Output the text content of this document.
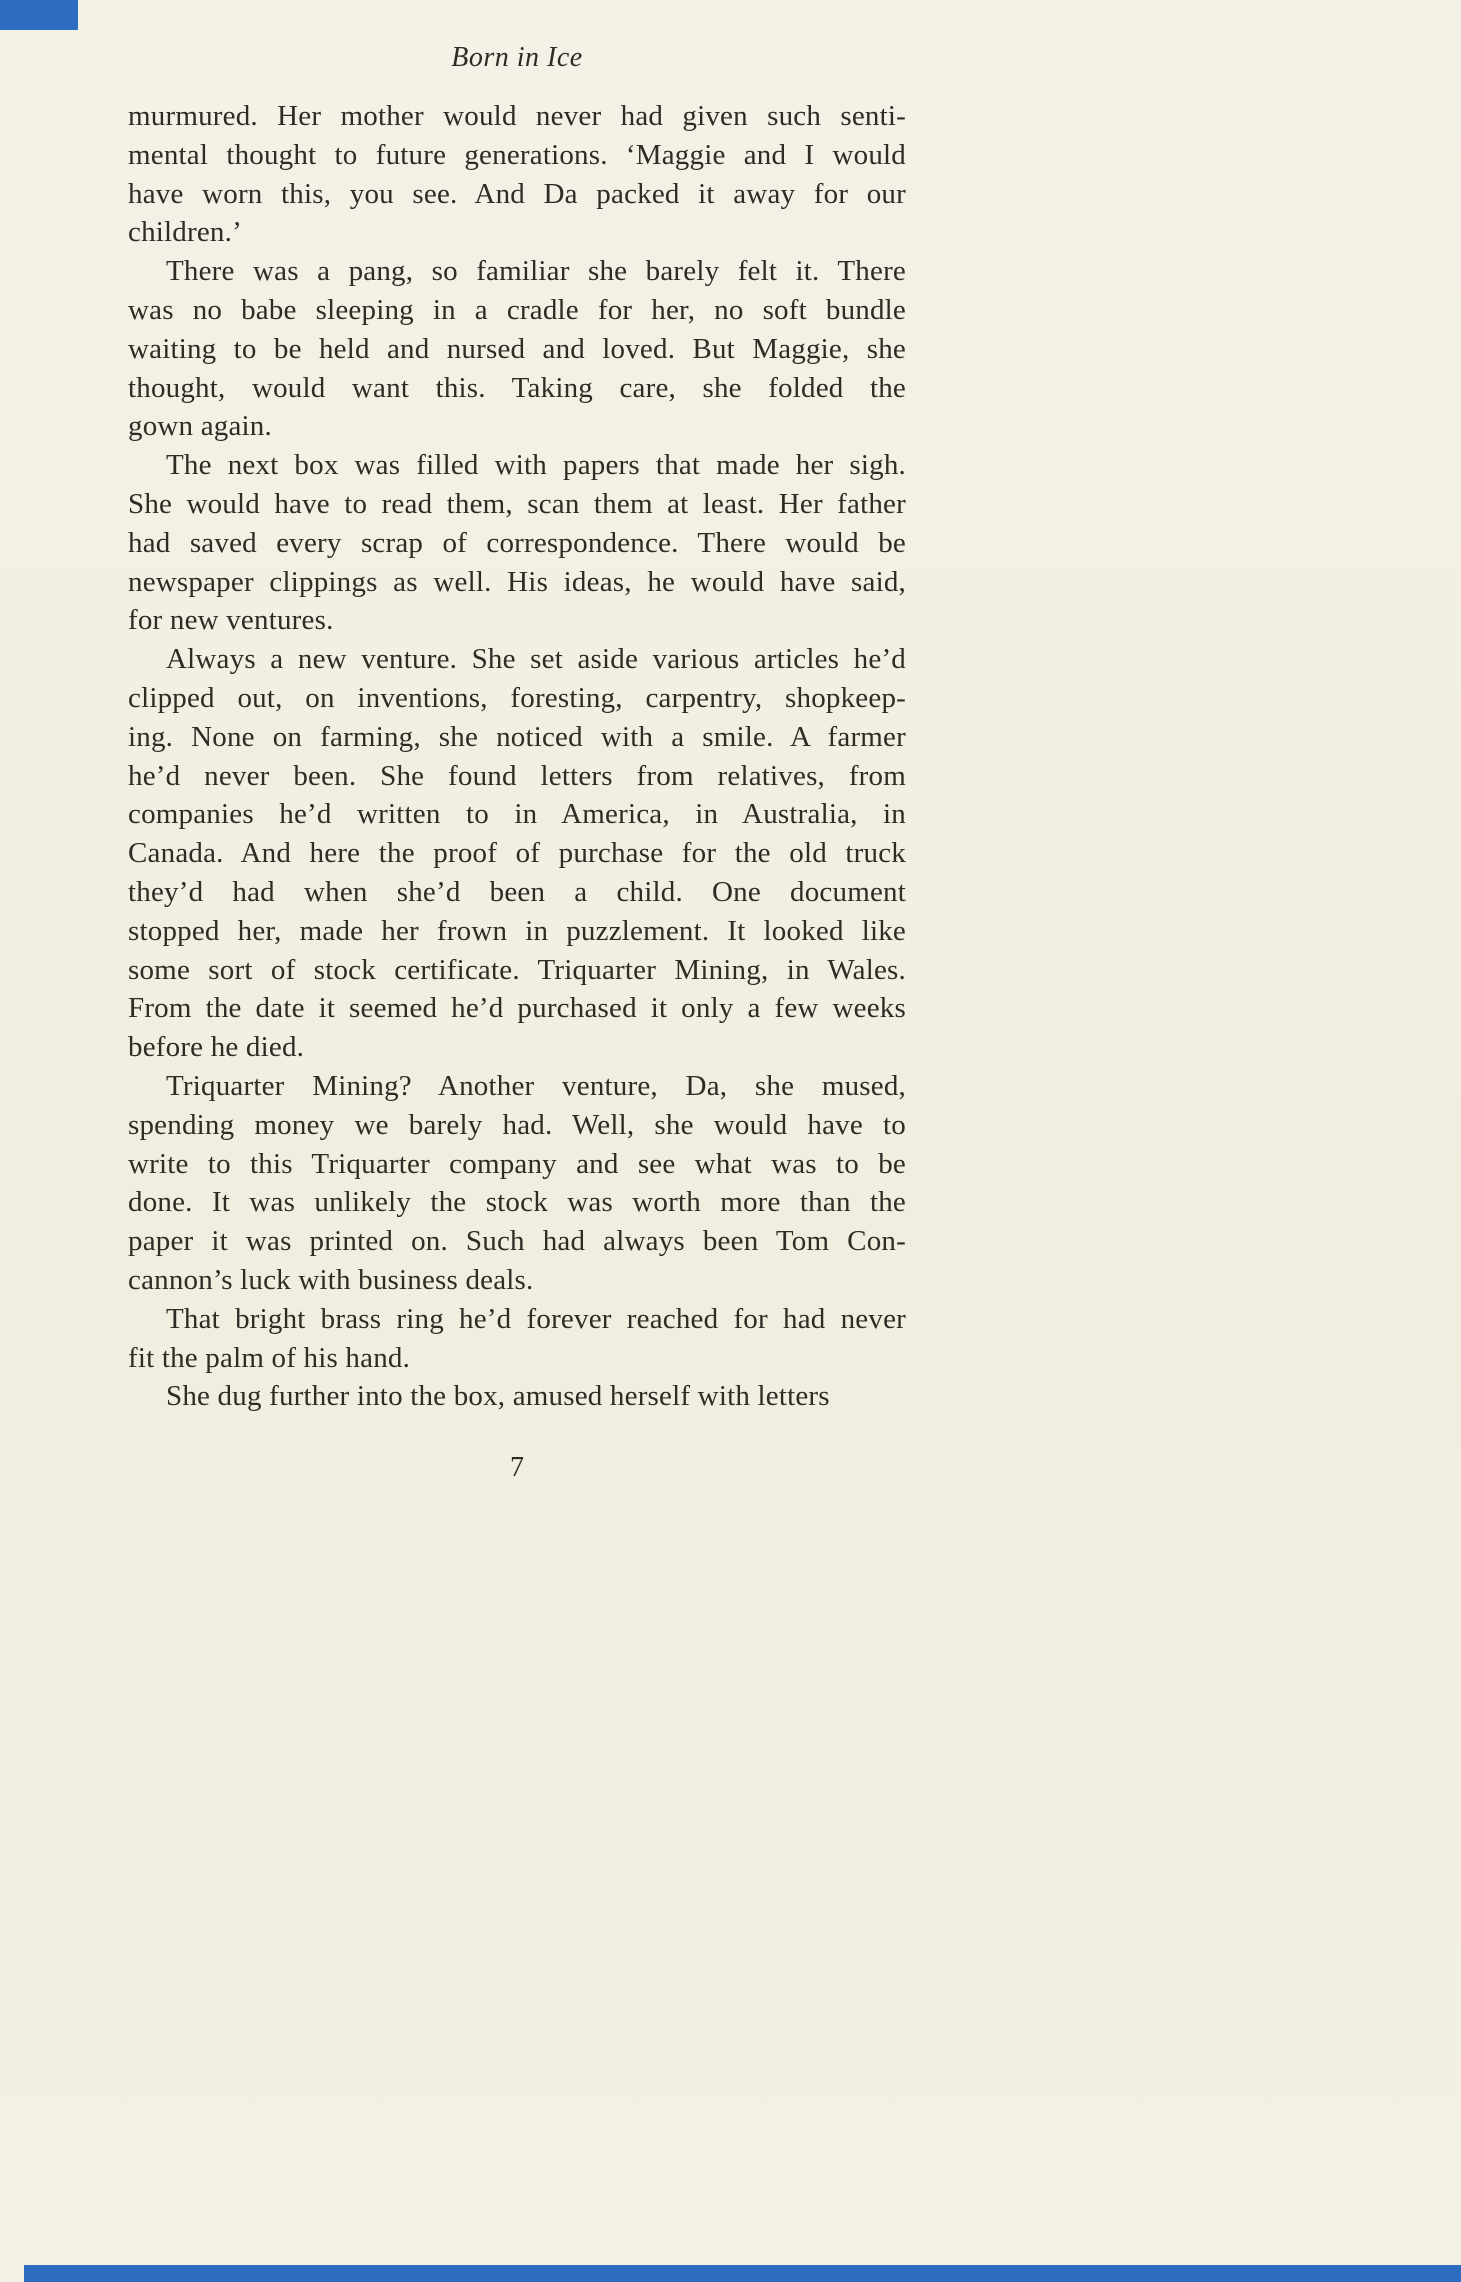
Born in Ice
murmured. Her mother would never had given such senti-
mental thought to future generations. ‘Maggie and I would
have worn this, you see. And Da packed it away for our
children.’
There was a pang, so familiar she barely felt it. There
was no babe sleeping in a cradle for her, no soft bundle
waiting to be held and nursed and loved. But Maggie, she
thought, would want this. Taking care, she folded the
gown again.
The next box was filled with papers that made her sigh.
She would have to read them, scan them at least. Her father
had saved every scrap of correspondence. There would be
newspaper clippings as well. His ideas, he would have said,
for new ventures.
Always a new venture. She set aside various articles he’d
clipped out, on inventions, foresting, carpentry, shopkeep-
ing. None on farming, she noticed with a smile. A farmer
he’d never been. She found letters from relatives, from
companies he’d written to in America, in Australia, in
Canada. And here the proof of purchase for the old truck
they’d had when she’d been a child. One document
stopped her, made her frown in puzzlement. It looked like
some sort of stock certificate. Triquarter Mining, in Wales.
From the date it seemed he’d purchased it only a few weeks
before he died.
Triquarter Mining? Another venture, Da, she mused,
spending money we barely had. Well, she would have to
write to this Triquarter company and see what was to be
done. It was unlikely the stock was worth more than the
paper it was printed on. Such had always been Tom Con-
cannon’s luck with business deals.
That bright brass ring he’d forever reached for had never
fit the palm of his hand.
She dug further into the box, amused herself with letters
7
